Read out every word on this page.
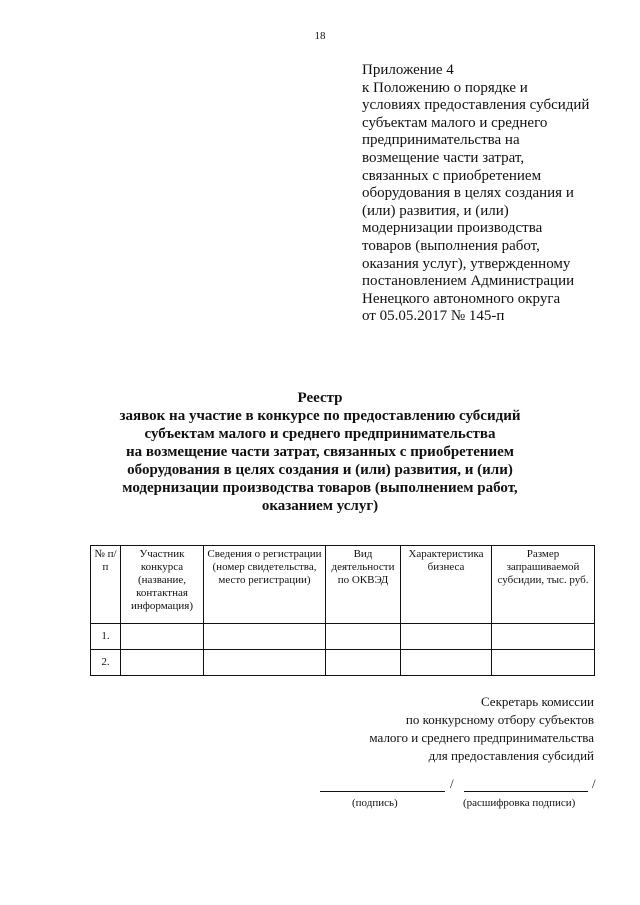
18
Приложение 4
к Положению о порядке и
условиях предоставления субсидий
субъектам малого и среднего
предпринимательства на
возмещение части затрат,
связанных с приобретением
оборудования в целях создания и
(или) развития, и (или)
модернизации производства
товаров (выполнения работ,
оказания услуг), утвержденному
постановлением Администрации
Ненецкого автономного округа
от 05.05.2017 № 145-п
Реестр
заявок на участие в конкурсе по предоставлению субсидий
субъектам малого и среднего предпринимательства
на возмещение части затрат, связанных с приобретением
оборудования в целях создания и (или) развития, и (или)
модернизации производства товаров (выполнением работ,
оказанием услуг)
№ п/п	Участник конкурса (название, контактная информация)	Сведения о регистрации (номер свидетельства, место регистрации)	Вид деятельности по ОКВЭД	Характеристика бизнеса	Размер запрашиваемой субсидии, тыс. руб.
1.					
2.					
Секретарь комиссии
по конкурсному отбору субъектов
малого и среднего предпринимательства
для предоставления субсидий
/	/
(подпись)	(расшифровка подписи)
